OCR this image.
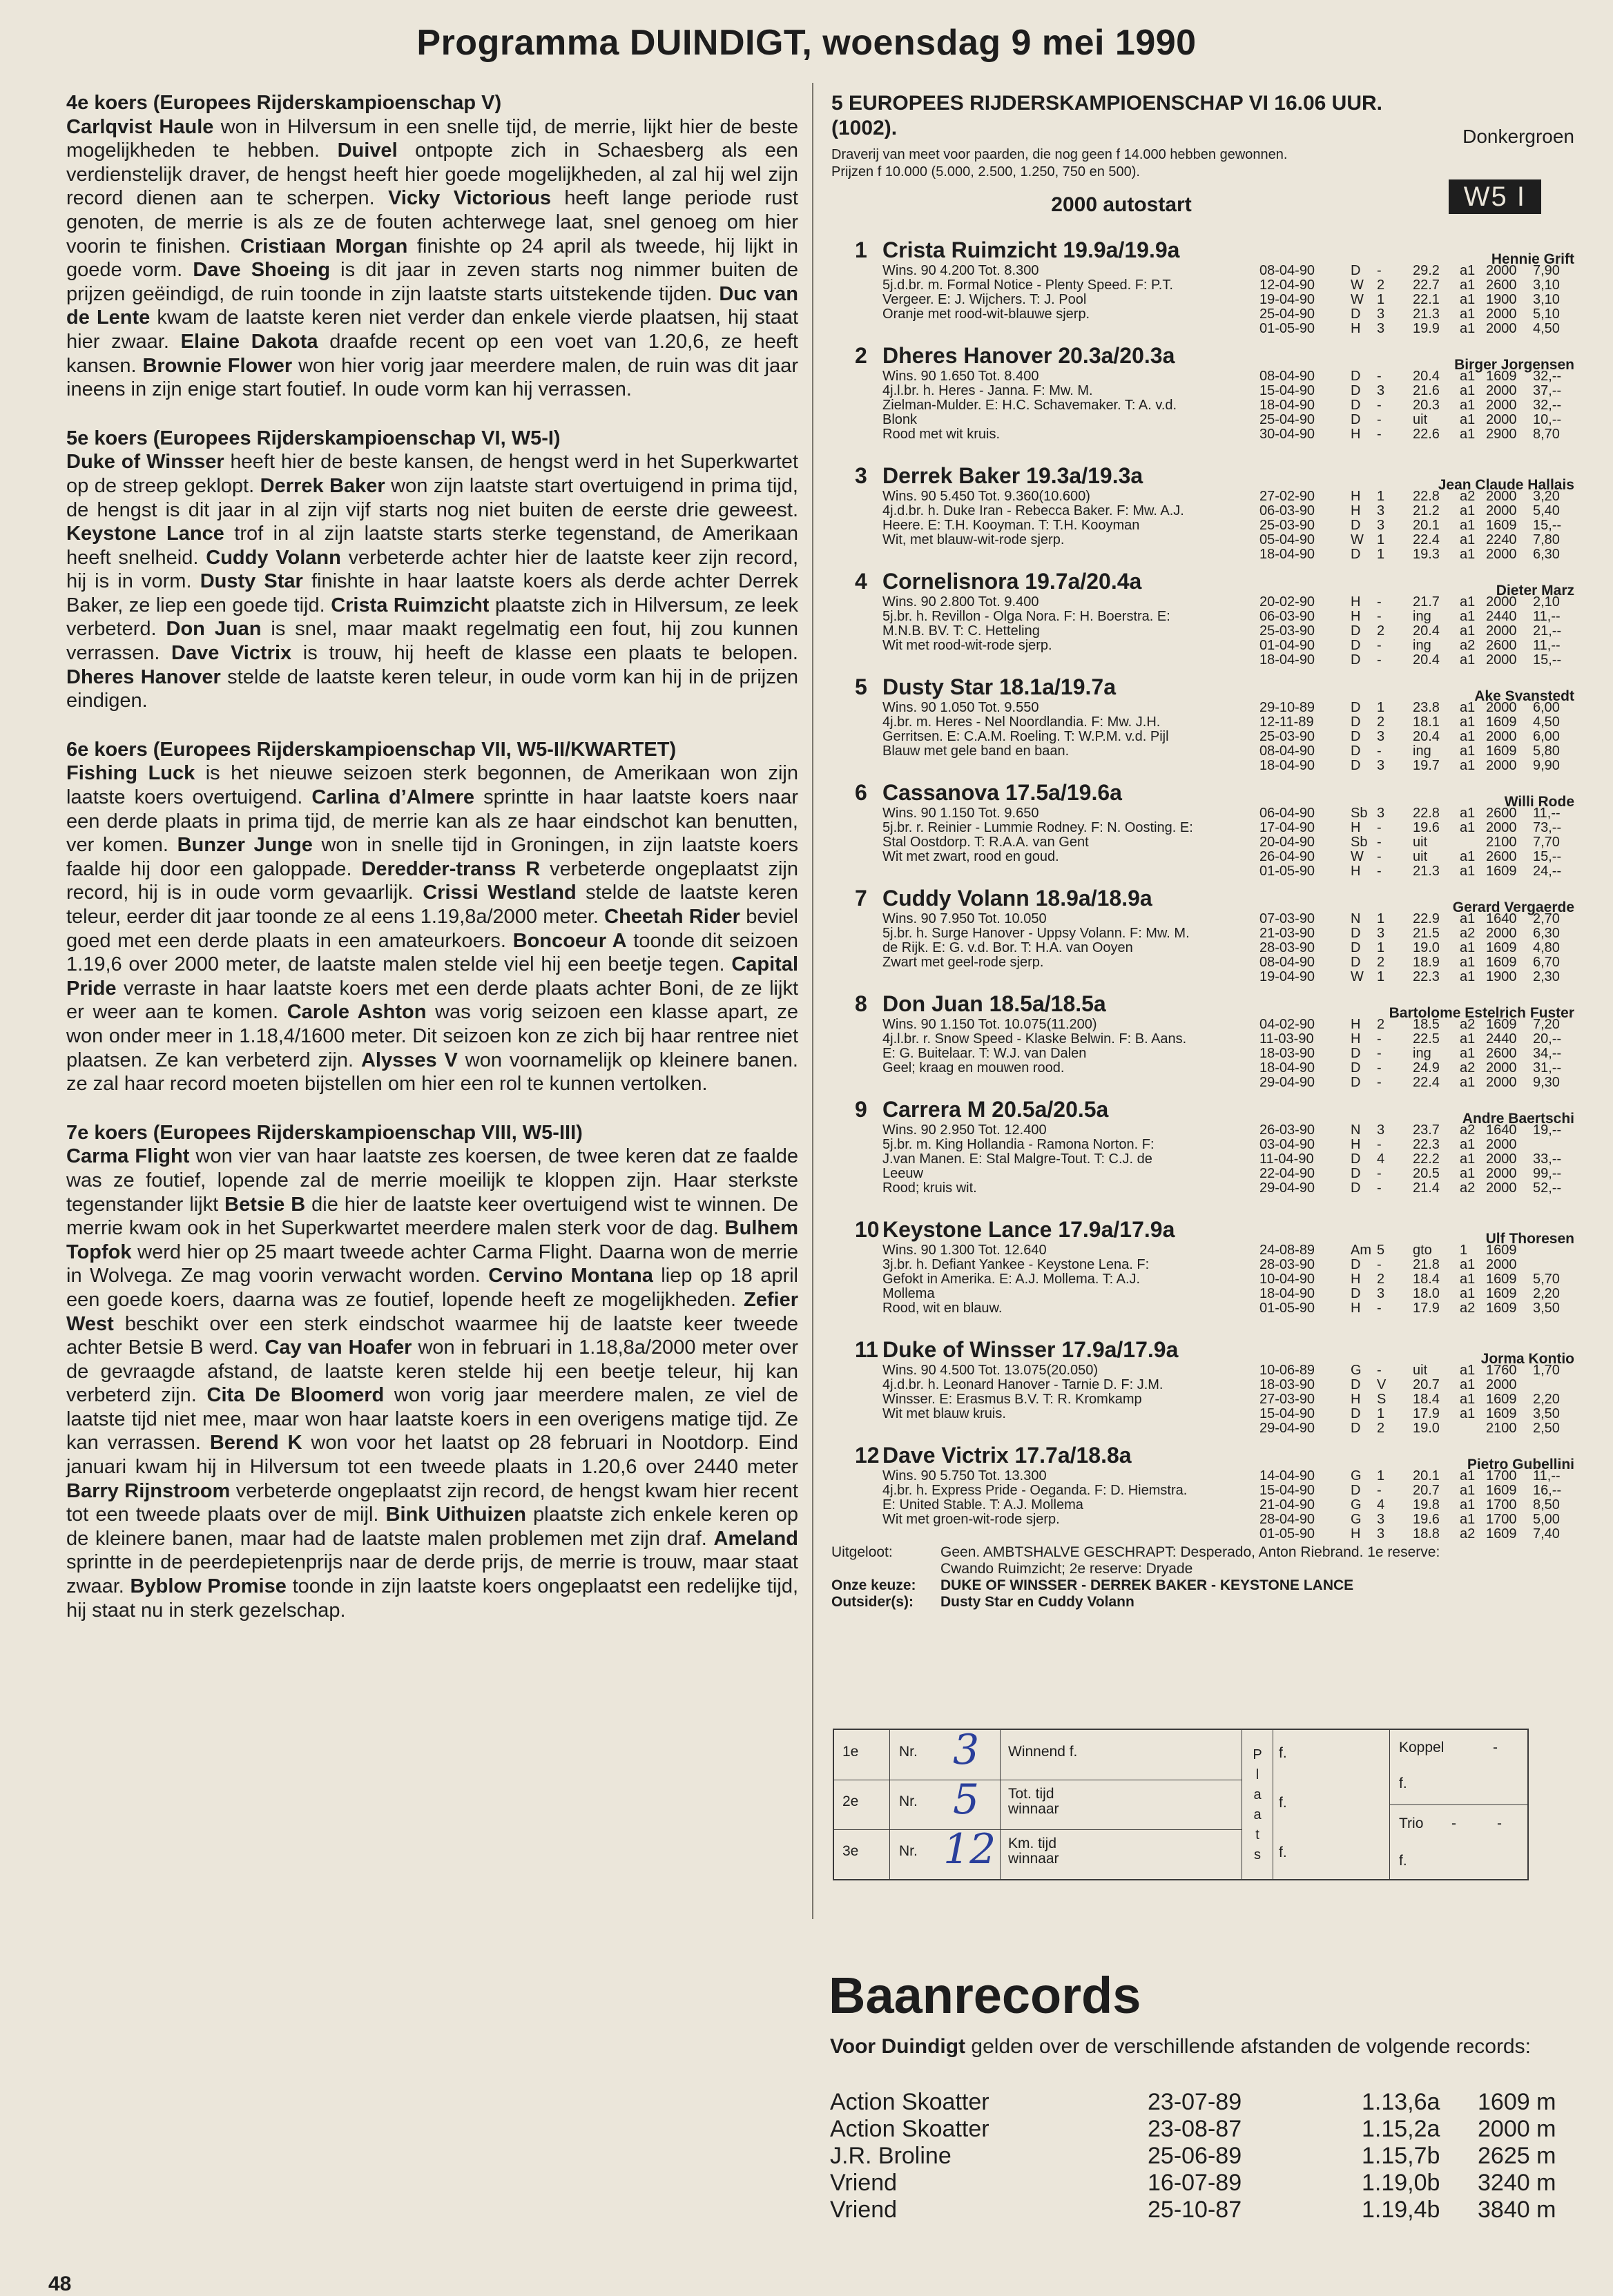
Programma DUINDIGT, woensdag 9 mei 1990

4e koers (Europees Rijderskampioenschap V)
Carlqvist Haule won in Hilversum in een snelle tijd, de merrie, lijkt hier de beste mogelijkheden te hebben. Duivel ontpopte zich in Schaesberg als een verdienstelijk draver, de hengst heeft hier goede mogelijkheden, al zal hij wel zijn record dienen aan te scherpen. Vicky Victorious heeft lange periode rust genoten, de merrie is als ze de fouten achterwege laat, snel genoeg om hier voorin te finishen. Cristiaan Morgan finishte op 24 april als tweede, hij lijkt in goede vorm. Dave Shoeing is dit jaar in zeven starts nog nimmer buiten de prijzen geëindigd, de ruin toonde in zijn laatste starts uitstekende tijden. Duc van de Lente kwam de laatste keren niet verder dan enkele vierde plaatsen, hij staat hier zwaar. Elaine Dakota draafde recent op een voet van 1.20,6, ze heeft kansen. Brownie Flower won hier vorig jaar meerdere malen, de ruin was dit jaar ineens in zijn enige start foutief. In oude vorm kan hij verrassen.

5e koers (Europees Rijderskampioenschap VI, W5-I)
Duke of Winsser heeft hier de beste kansen, de hengst werd in het Superkwartet op de streep geklopt. Derrek Baker won zijn laatste start overtuigend in prima tijd, de hengst is dit jaar in al zijn vijf starts nog niet buiten de eerste drie geweest. Keystone Lance trof in al zijn laatste starts sterke tegenstand, de Amerikaan heeft snelheid. Cuddy Volann verbeterde achter hier de laatste keer zijn record, hij is in vorm. Dusty Star finishte in haar laatste koers als derde achter Derrek Baker, ze liep een goede tijd. Crista Ruimzicht plaatste zich in Hilversum, ze leek verbeterd. Don Juan is snel, maar maakt regelmatig een fout, hij zou kunnen verrassen. Dave Victrix is trouw, hij heeft de klasse een plaats te belopen. Dheres Hanover stelde de laatste keren teleur, in oude vorm kan hij in de prijzen eindigen.

6e koers (Europees Rijderskampioenschap VII, W5-II/KWARTET)
Fishing Luck is het nieuwe seizoen sterk begonnen, de Amerikaan won zijn laatste koers overtuigend. Carlina d’Almere sprintte in haar laatste koers naar een derde plaats in prima tijd, de merrie kan als ze haar eindschot kan benutten, ver komen. Bunzer Junge won in snelle tijd in Groningen, in zijn laatste koers faalde hij door een galoppade. Deredder-transs R verbeterde ongeplaatst zijn record, hij is in oude vorm gevaarlijk. Crissi Westland stelde de laatste keren teleur, eerder dit jaar toonde ze al eens 1.19,8a/2000 meter. Cheetah Rider beviel goed met een derde plaats in een amateurkoers. Boncoeur A toonde dit seizoen 1.19,6 over 2000 meter, de laatste malen stelde viel hij een beetje tegen. Capital Pride verraste in haar laatste koers met een derde plaats achter Boni, de ze lijkt er weer aan te komen. Carole Ashton was vorig seizoen een klasse apart, ze won onder meer in 1.18,4/1600 meter. Dit seizoen kon ze zich bij haar rentree niet plaatsen. Ze kan verbeterd zijn. Alysses V won voornamelijk op kleinere banen. ze zal haar record moeten bijstellen om hier een rol te kunnen vertolken.

7e koers (Europees Rijderskampioenschap VIII, W5-III)
Carma Flight won vier van haar laatste zes koersen, de twee keren dat ze faalde was ze foutief, lopende zal de merrie moeilijk te kloppen zijn. Haar sterkste tegenstander lijkt Betsie B die hier de laatste keer overtuigend wist te winnen. De merrie kwam ook in het Superkwartet meerdere malen sterk voor de dag. Bulhem Topfok werd hier op 25 maart tweede achter Carma Flight. Daarna won de merrie in Wolvega. Ze mag voorin verwacht worden. Cervino Montana liep op 18 april een goede koers, daarna was ze foutief, lopende heeft ze mogelijkheden. Zefier West beschikt over een sterk eindschot waarmee hij de laatste keer tweede achter Betsie B werd. Cay van Hoafer won in februari in 1.18,8a/2000 meter over de gevraagde afstand, de laatste keren stelde hij een beetje teleur, hij kan verbeterd zijn. Cita De Bloomerd won vorig jaar meerdere malen, ze viel de laatste tijd niet mee, maar won haar laatste koers in een overigens matige tijd. Ze kan verrassen. Berend K won voor het laatst op 28 februari in Nootdorp. Eind januari kwam hij in Hilversum tot een tweede plaats in 1.20,6 over 2440 meter Barry Rijnstroom verbeterde ongeplaatst zijn record, de hengst kwam hier recent tot een tweede plaats over de mijl. Bink Uithuizen plaatste zich enkele keren op de kleinere banen, maar had de laatste malen problemen met zijn draf. Ameland sprintte in de peerdepietenprijs naar de derde prijs, de merrie is trouw, maar staat zwaar. Byblow Promise toonde in zijn laatste koers ongeplaatst een redelijke tijd, hij staat nu in sterk gezelschap.

5 EUROPEES RIJDERSKAMPIOENSCHAP VI 16.06 UUR.
(1002).	Donkergroen
Draverij van meet voor paarden, die nog geen f 14.000 hebben gewonnen.
Prijzen f 10.000 (5.000, 2.500, 1.250, 750 en 500).
W5 I
2000 autostart
1 Crista Ruimzicht 19.9a/19.9a	Hennie Grift
Wins. 90 4.200 Tot. 8.300
5j.d.br. m. Formal Notice - Plenty Speed. F: P.T.
Vergeer. E: J. Wijchers. T: J. Pool
Oranje met rood-wit-blauwe sjerp.
08-04-90	D - 29.2 a1 2000 7,90
12-04-90	W 2 22.7 a1 2600 3,10
19-04-90	W 1 22.1 a1 1900 3,10
25-04-90	D 3 21.3 a1 2000 5,10
01-05-90	H 3 19.9 a1 2000 4,50
2 Dheres Hanover 20.3a/20.3a	Birger Jorgensen
Wins. 90 1.650 Tot. 8.400
4j.l.br. h. Heres - Janna. F: Mw. M.
Zielman-Mulder. E: H.C. Schavemaker. T: A. v.d.
Blonk
Rood met wit kruis.
08-04-90	D - 20.4 a1 1609 32,--
15-04-90	D 3 21.6 a1 2000 37,--
18-04-90	D - 20.3 a1 2000 32,--
25-04-90	D - uit a1 2000 10,--
30-04-90	H - 22.6 a1 2900 8,70
3 Derrek Baker 19.3a/19.3a	Jean Claude Hallais
Wins. 90 5.450 Tot. 9.360(10.600)
4j.d.br. h. Duke Iran - Rebecca Baker. F: Mw. A.J.
Heere. E: T.H. Kooyman. T: T.H. Kooyman
Wit, met blauw-wit-rode sjerp.
27-02-90	H 1 22.8 a2 2000 3,20
06-03-90	H 3 21.2 a1 2000 5,40
25-03-90	D 3 20.1 a1 1609 15,--
05-04-90	W 1 22.4 a1 2240 7,80
18-04-90	D 1 19.3 a1 2000 6,30
4 Cornelisnora 19.7a/20.4a	Dieter Marz
Wins. 90 2.800 Tot. 9.400
5j.br. h. Revillon - Olga Nora. F: H. Boerstra. E:
M.N.B. BV. T: C. Hetteling
Wit met rood-wit-rode sjerp.
20-02-90	H - 21.7 a1 2000 2,10
06-03-90	H - ing a1 2440 11,--
25-03-90	D 2 20.4 a1 2000 21,--
01-04-90	D - ing a2 2600 11,--
18-04-90	D - 20.4 a1 2000 15,--
5 Dusty Star 18.1a/19.7a	Ake Svanstedt
Wins. 90 1.050 Tot. 9.550
4j.br. m. Heres - Nel Noordlandia. F: Mw. J.H.
Gerritsen. E: C.A.M. Roeling. T: W.P.M. v.d. Pijl
Blauw met gele band en baan.
29-10-89	D 1 23.8 a1 2000 6,00
12-11-89	D 2 18.1 a1 1609 4,50
25-03-90	D 3 20.4 a1 2000 6,00
08-04-90	D - ing a1 1609 5,80
18-04-90	D 3 19.7 a1 2000 9,90
6 Cassanova 17.5a/19.6a	Willi Rode
Wins. 90 1.150 Tot. 9.650
5j.br. r. Reinier - Lummie Rodney. F: N. Oosting. E:
Stal Oostdorp. T: R.A.A. van Gent
Wit met zwart, rood en goud.
06-04-90	Sb 3 22.8 a1 2600 11,--
17-04-90	H - 19.6 a1 2000 73,--
20-04-90	Sb - uit	2100 7,70
26-04-90	W - uit a1 2600 15,--
01-05-90	H - 21.3 a1 1609 24,--
7 Cuddy Volann 18.9a/18.9a	Gerard Vergaerde
Wins. 90 7.950 Tot. 10.050
5j.br. h. Surge Hanover - Uppsy Volann. F: Mw. M.
de Rijk. E: G. v.d. Bor. T: H.A. van Ooyen
Zwart met geel-rode sjerp.
07-03-90	N 1 22.9 a1 1640 2,70
21-03-90	D 3 21.5 a2 2000 6,30
28-03-90	D 1 19.0 a1 1609 4,80
08-04-90	D 2 18.9 a1 1609 6,70
19-04-90	W 1 22.3 a1 1900 2,30
8 Don Juan 18.5a/18.5a	Bartolome Estelrich Fuster
Wins. 90 1.150 Tot. 10.075(11.200)
4j.l.br. r. Snow Speed - Klaske Belwin. F: B. Aans.
E: G. Buitelaar. T: W.J. van Dalen
Geel; kraag en mouwen rood.
04-02-90	H 2 18.5 a2 1609 7,20
11-03-90	H - 22.5 a1 2440 20,--
18-03-90	D - ing a1 2600 34,--
18-04-90	D - 24.9 a2 2000 31,--
29-04-90	D - 22.4 a1 2000 9,30
9 Carrera M 20.5a/20.5a	Andre Baertschi
Wins. 90 2.950 Tot. 12.400
5j.br. m. King Hollandia - Ramona Norton. F:
J.van Manen. E: Stal Malgre-Tout. T: C.J. de
Leeuw
Rood; kruis wit.
26-03-90	N 3 23.7 a2 1640 19,--
03-04-90	H - 22.3 a1 2000
11-04-90	D 4 22.2 a1 2000 33,--
22-04-90	D - 20.5 a1 2000 99,--
29-04-90	D - 21.4 a2 2000 52,--
10 Keystone Lance 17.9a/17.9a	Ulf Thoresen
Wins. 90 1.300 Tot. 12.640
3j.br. h. Defiant Yankee - Keystone Lena. F:
Gefokt in Amerika. E: A.J. Mollema. T: A.J.
Mollema
Rood, wit en blauw.
24-08-89	Am 5 gto 1 1609
28-03-90	D - 21.8 a1 2000
10-04-90	H 2 18.4 a1 1609 5,70
18-04-90	D 3 18.0 a1 1609 2,20
01-05-90	H - 17.9 a2 1609 3,50
11 Duke of Winsser 17.9a/17.9a	Jorma Kontio
Wins. 90 4.500 Tot. 13.075(20.050)
4j.d.br. h. Leonard Hanover - Tarnie D. F: J.M.
Winsser. E: Erasmus B.V. T: R. Kromkamp
Wit met blauw kruis.
10-06-89	G - uit a1 1760 1,70
18-03-90	D V 20.7 a1 2000
27-03-90	H S 18.4 a1 1609 2,20
15-04-90	D 1 17.9 a1 1609 3,50
29-04-90	D 2 19.0	2100 2,50
12 Dave Victrix 17.7a/18.8a	Pietro Gubellini
Wins. 90 5.750 Tot. 13.300
4j.br. h. Express Pride - Oeganda. F: D. Hiemstra.
E: United Stable. T: A.J. Mollema
Wit met groen-wit-rode sjerp.
14-04-90	G 1 20.1 a1 1700 11,--
15-04-90	D - 20.7 a1 1609 16,--
21-04-90	G 4 19.8 a1 1700 8,50
28-04-90	G 3 19.6 a1 1700 5,00
01-05-90	H 3 18.8 a2 1609 7,40
Uitgeloot:	Geen. AMBTSHALVE GESCHRAPT: Desperado, Anton Riebrand. 1e reserve:
Cwando Ruimzicht; 2e reserve: Dryade
Onze keuze: DUKE OF WINSSER - DERREK BAKER - KEYSTONE LANCE
Outsider(s): Dusty Star en Cuddy Volann
1e	Nr. 3 Winnend f.
2e	Nr. 5 Tot. tijd
winnaar
3e	Nr. 12 Km. tijd
winnaar
P
l
a
a
t
s
f.
f.
f.
Koppel	-
f.
Trio -	-
f.
Baanrecords
Voor Duindigt gelden over de verschillende afstanden de volgende records:
Action Skoatter	23-07-89	1.13,6a 1609 m
Action Skoatter	23-08-87	1.15,2a 2000 m
J.R. Broline	25-06-89	1.15,7b 2625 m
Vriend	16-07-89	1.19,0b 3240 m
Vriend	25-10-87	1.19,4b 3840 m
48
